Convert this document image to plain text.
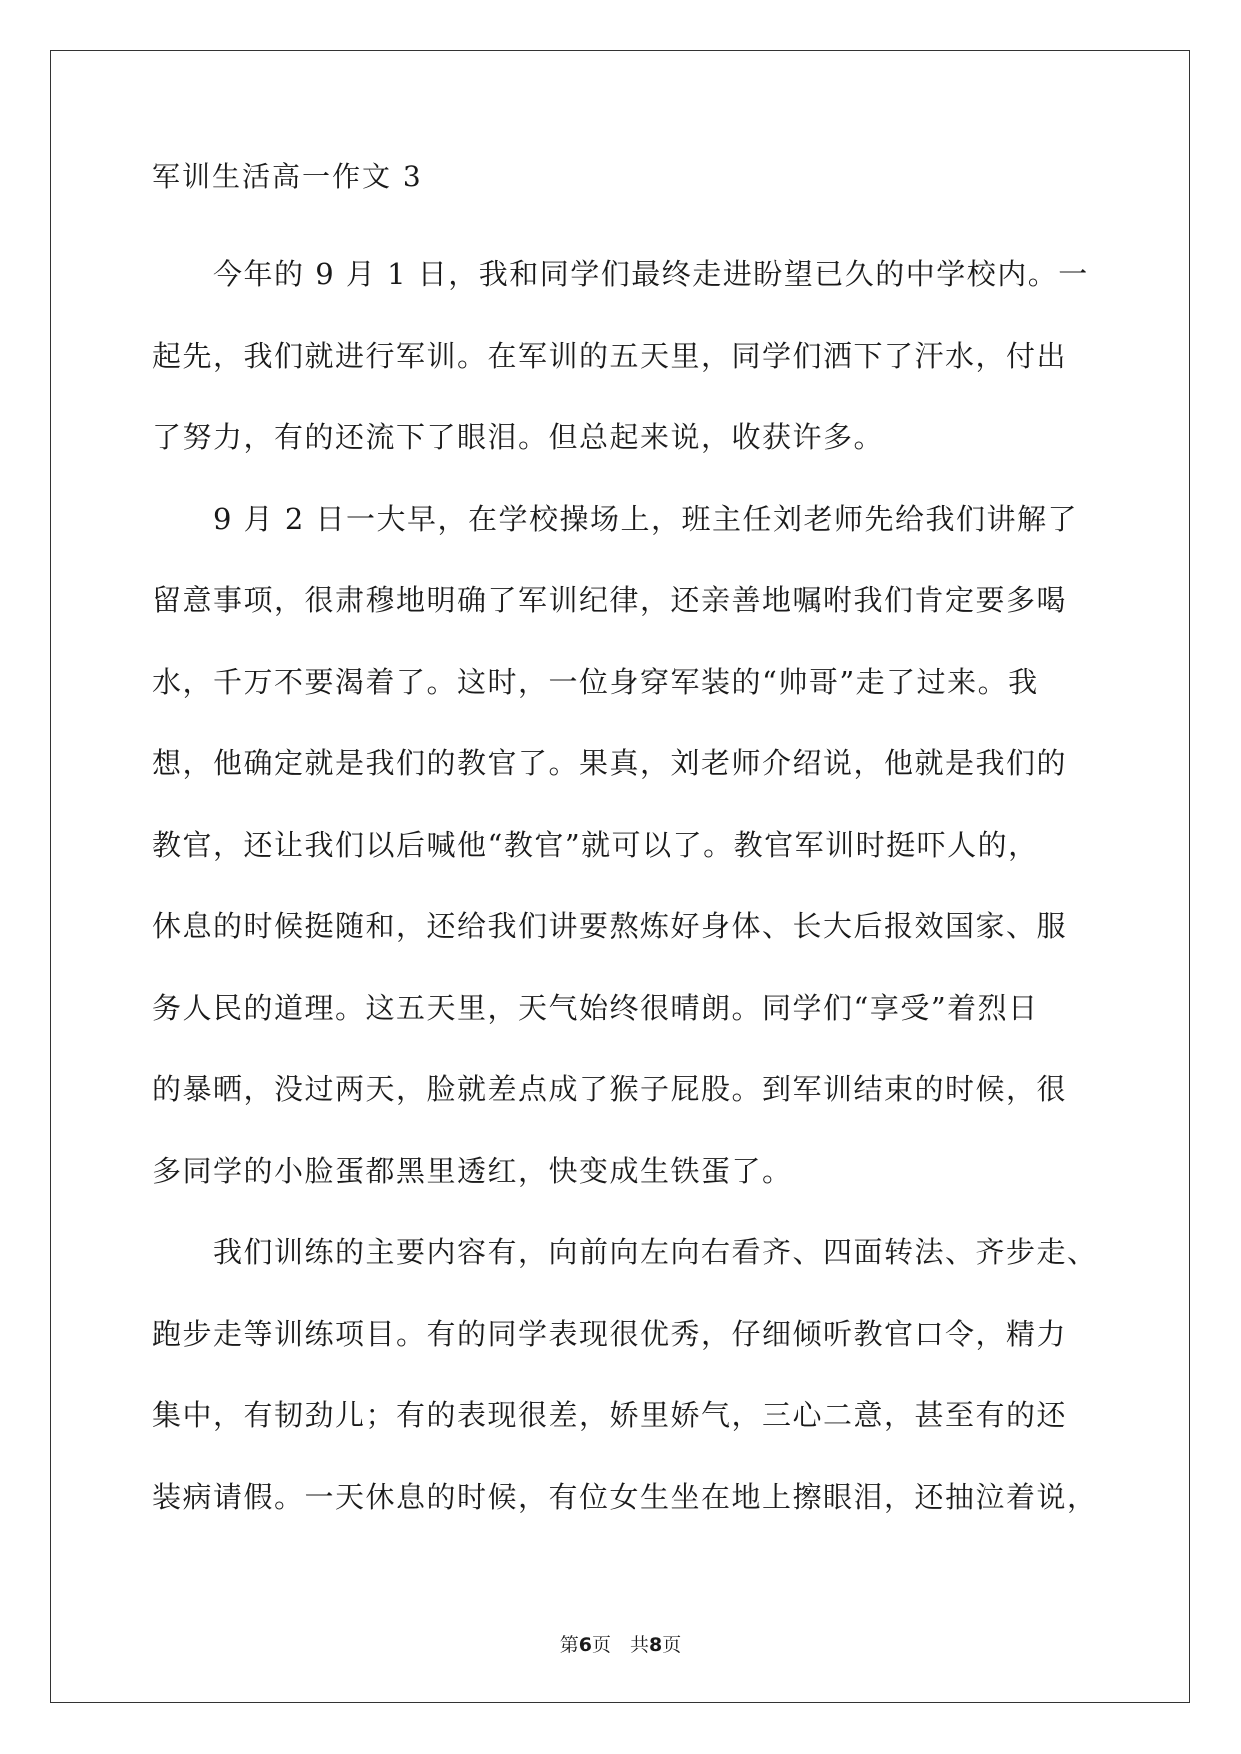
军训生活高一作文 3
　　今年的 9 月 1 日，我和同学们最终走进盼望已久的中学校内。一
起先，我们就进行军训。在军训的五天里，同学们洒下了汗水，付出
了努力，有的还流下了眼泪。但总起来说，收获许多。
　　9 月 2 日一大早，在学校操场上，班主任刘老师先给我们讲解了
留意事项，很肃穆地明确了军训纪律，还亲善地嘱咐我们肯定要多喝
水，千万不要渴着了。这时，一位身穿军装的“帅哥”走了过来。我
想，他确定就是我们的教官了。果真，刘老师介绍说，他就是我们的
教官，还让我们以后喊他“教官”就可以了。教官军训时挺吓人的，
休息的时候挺随和，还给我们讲要熬炼好身体、长大后报效国家、服
务人民的道理。这五天里，天气始终很晴朗。同学们“享受”着烈日
的暴晒，没过两天，脸就差点成了猴子屁股。到军训结束的时候，很
多同学的小脸蛋都黑里透红，快变成生铁蛋了。
　　我们训练的主要内容有，向前向左向右看齐、四面转法、齐步走、
跑步走等训练项目。有的同学表现很优秀，仔细倾听教官口令，精力
集中，有韧劲儿；有的表现很差，娇里娇气，三心二意，甚至有的还
装病请假。一天休息的时候，有位女生坐在地上擦眼泪，还抽泣着说，
第6页　共8页
